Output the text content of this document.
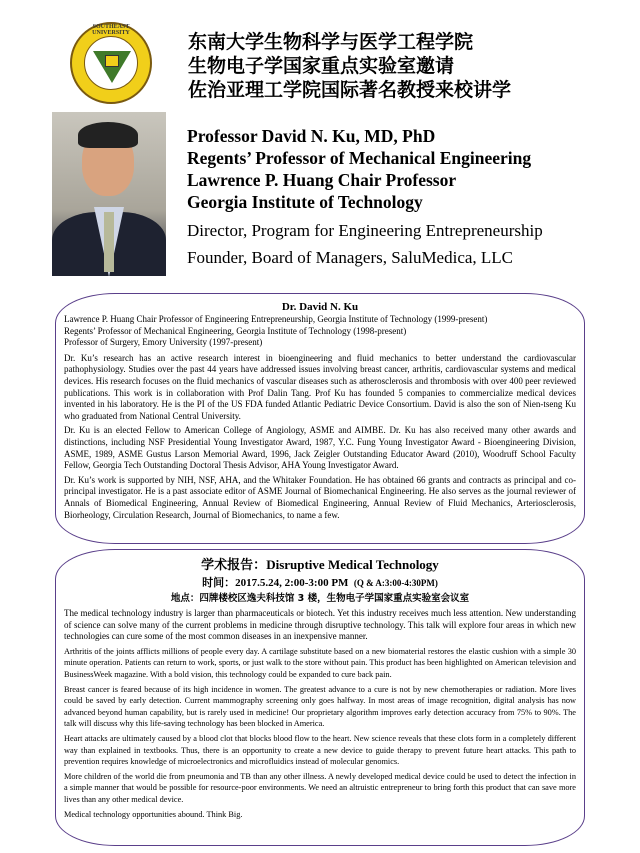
SOUTHEAST UNIVERSITY	东南大学生物科学与医学工程学院
生物电子学国家重点实验室邀请
佐治亚理工学院国际著名教授来校讲学
Professor David N. Ku, MD, PhD
Regents’ Professor of Mechanical Engineering
Lawrence P. Huang Chair Professor
Georgia Institute of Technology
Director, Program for Engineering Entrepreneurship
Founder, Board of Managers, SaluMedica, LLC
Dr. David N. Ku
Lawrence P. Huang Chair Professor of Engineering Entrepreneurship, Georgia Institute of Technology (1999-present)
Regents’ Professor of Mechanical Engineering, Georgia Institute of Technology (1998-present)
Professor of Surgery, Emory University (1997-present)

Dr. Ku’s research has an active research interest in bioengineering and fluid mechanics to better understand the cardiovascular pathophysiology. Studies over the past 44 years have addressed issues involving breast cancer, arthritis, cardiovascular systems and medical devices. His research focuses on the fluid mechanics of vascular diseases such as atherosclerosis and thrombosis with over 400 peer reviewed publications. This work is in collaboration with Prof Dalin Tang. Prof Ku has founded 5 companies to commercialize medical devices invented in his laboratory. He is the PI of the US FDA funded Atlantic Pediatric Device Consortium. David is also the son of Nien-tseng Ku who graduated from National Central University.

Dr. Ku is an elected Fellow to American College of Angiology, ASME and AIMBE. Dr. Ku has also received many other awards and distinctions, including NSF Presidential Young Investigator Award, 1987, Y.C. Fung Young Investigator Award - Bioengineering Division, ASME, 1989, ASME Gustus Larson Memorial Award, 1996, Jack Zeigler Outstanding Educator Award (2010), Woodruff School Faculty Fellow, Georgia Tech Outstanding Doctoral Thesis Advisor, AHA Young Investigator Award.

Dr. Ku’s work is supported by NIH, NSF, AHA, and the Whitaker Foundation. He has obtained 66 grants and contracts as principal and co-principal investigator. He is a past associate editor of ASME Journal of Biomechanical Engineering. He also serves as the journal reviewer of Annals of Biomedical Engineering, Annual Review of Biomedical Engineering, Annual Review of Fluid Mechanics, Arteriosclerosis, Biorheology, Circulation Research, Journal of Biomechanics, to name a few.

学术报告：Disruptive Medical Technology
时间：2017.5.24, 2:00-3:00 PM (Q & A:3:00-4:30PM)
地点：四牌楼校区逸夫科技馆 3 楼，生物电子学国家重点实验室会议室

The medical technology industry is larger than pharmaceuticals or biotech. Yet this industry receives much less attention. New understanding of science can solve many of the current problems in medicine through disruptive technology. This talk will explore four areas in which new technologies can cure some of the most common diseases in an inexpensive manner.

Arthritis of the joints afflicts millions of people every day. A cartilage substitute based on a new biomaterial restores the elastic cushion with a simple 30 minute operation. Patients can return to work, sports, or just walk to the store without pain. This product has been highlighted on American television and BusinessWeek magazine. With a bold vision, this technology could be expanded to cure back pain.

Breast cancer is feared because of its high incidence in women. The greatest advance to a cure is not by new chemotherapies or radiation. More lives could be saved by early detection. Current mammography screening only goes halfway. In most areas of image recognition, digital analysis has now advanced beyond human capability, but is rarely used in medicine! Our proprietary algorithm improves early detection accuracy from 75% to 90%. The talk will discuss why this life-saving technology has been blocked in America.

Heart attacks are ultimately caused by a blood clot that blocks blood flow to the heart. New science reveals that these clots form in a completely different way than explained in textbooks. Thus, there is an opportunity to create a new device to guide therapy to prevent future heart attacks. This path to prevention requires knowledge of microelectronics and microfluidics instead of molecular genomics.

More children of the world die from pneumonia and TB than any other illness. A newly developed medical device could be used to detect the infection in a simple manner that would be possible for resource-poor environments. We need an altruistic entrepreneur to bring forth this product that can save more lives than any other medical device.

Medical technology opportunities abound. Think Big.
